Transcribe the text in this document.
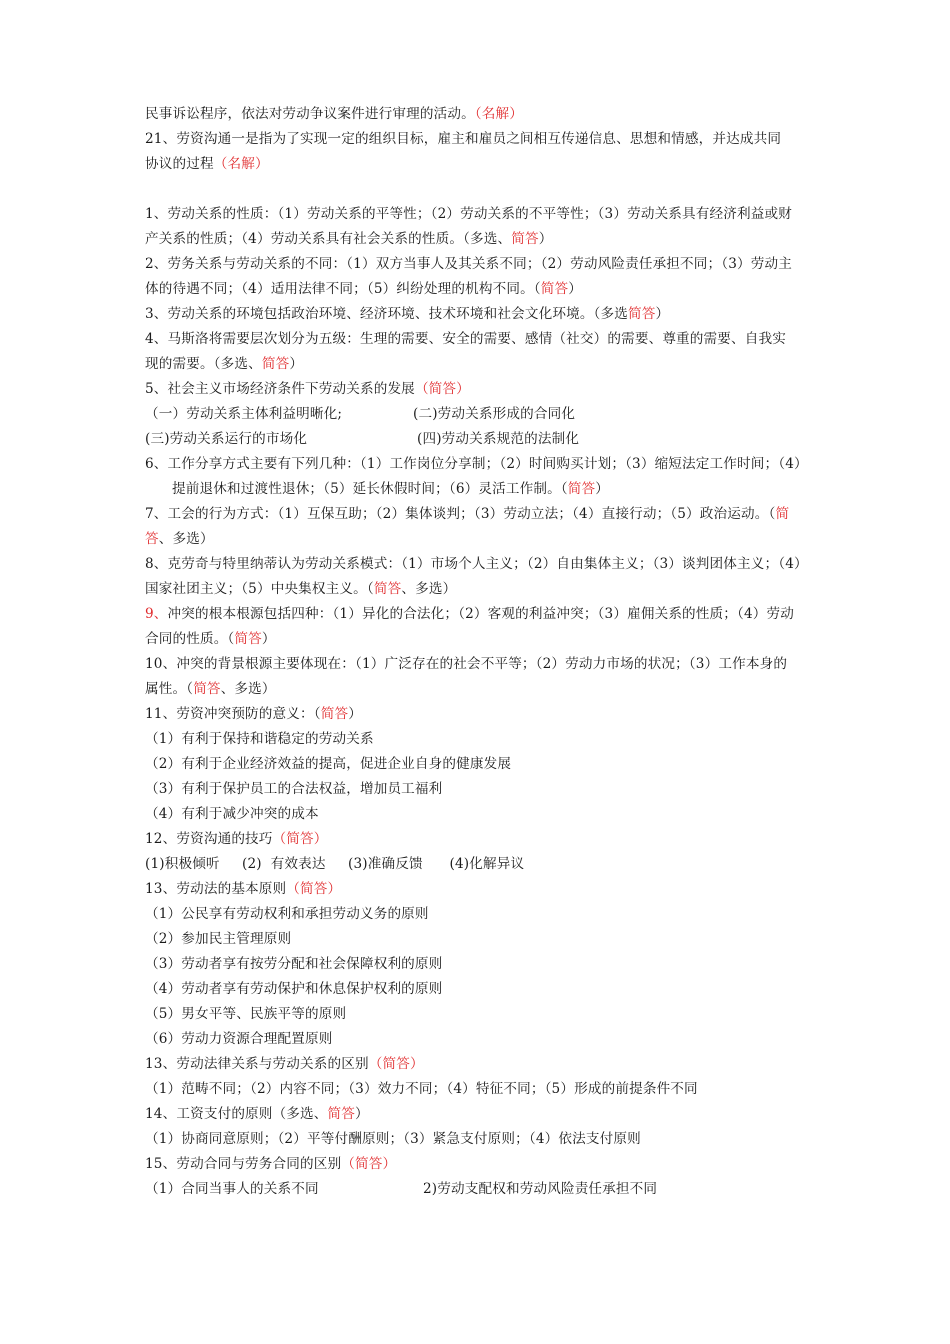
民事诉讼程序，依法对劳动争议案件进行审理的活动。（名解）
21、劳资沟通一是指为了实现一定的组织目标，雇主和雇员之间相互传递信息、思想和情感，并达成共同
协议的过程（名解）
1、劳动关系的性质：（1）劳动关系的平等性；（2）劳动关系的不平等性；（3）劳动关系具有经济利益或财
产关系的性质；（4）劳动关系具有社会关系的性质。（多选、简答）
2、劳务关系与劳动关系的不同：（1）双方当事人及其关系不同；（2）劳动风险责任承担不同；（3）劳动主
体的待遇不同；（4）适用法律不同；（5）纠纷处理的机构不同。（简答）
3、劳动关系的环境包括政治环境、经济环境、技术环境和社会文化环境。（多选简答）
4、马斯洛将需要层次划分为五级：生理的需要、安全的需要、感情（社交）的需要、尊重的需要、自我实
现的需要。（多选、简答）
5、社会主义市场经济条件下劳动关系的发展（简答）
（一）劳动关系主体利益明晰化;	(二)劳动关系形成的合同化
(三)劳动关系运行的市场化	(四)劳动关系规范的法制化
6、工作分享方式主要有下列几种：（1）工作岗位分享制；（2）时间购买计划；（3）缩短法定工作时间；（4）
提前退休和过渡性退休；（5）延长休假时间；（6）灵活工作制。（简答）
7、工会的行为方式：（1）互保互助；（2）集体谈判；（3）劳动立法；（4）直接行动；（5）政治运动。（简
答、多选）
8、克劳奇与特里纳蒂认为劳动关系模式：（1）市场个人主义；（2）自由集体主义；（3）谈判团体主义；（4）
国家社团主义；（5）中央集权主义。（简答、多选）
9、冲突的根本根源包括四种：（1）异化的合法化；（2）客观的利益冲突；（3）雇佣关系的性质；（4）劳动
合同的性质。（简答）
10、冲突的背景根源主要体现在：（1）广泛存在的社会不平等；（2）劳动力市场的状况；（3）工作本身的
属性。（简答、多选）
11、劳资冲突预防的意义：（简答）
（1）有利于保持和谐稳定的劳动关系
（2）有利于企业经济效益的提高，促进企业自身的健康发展
（3）有利于保护员工的合法权益，增加员工福利
（4）有利于减少冲突的成本
12、劳资沟通的技巧（简答）
(1)积极倾听     (2)  有效表达     (3)准确反馈      (4)化解异议
13、劳动法的基本原则（简答）
（1）公民享有劳动权利和承担劳动义务的原则
（2）参加民主管理原则
（3）劳动者享有按劳分配和社会保障权利的原则
（4）劳动者享有劳动保护和休息保护权利的原则
（5）男女平等、民族平等的原则
（6）劳动力资源合理配置原则
13、劳动法律关系与劳动关系的区别（简答）
（1）范畴不同；（2）内容不同；（3）效力不同；（4）特征不同；（5）形成的前提条件不同
14、工资支付的原则（多选、简答）
（1）协商同意原则；（2）平等付酬原则；（3）紧急支付原则；（4）依法支付原则
15、劳动合同与劳务合同的区别（简答）
（1）合同当事人的关系不同	2)劳动支配权和劳动风险责任承担不同
